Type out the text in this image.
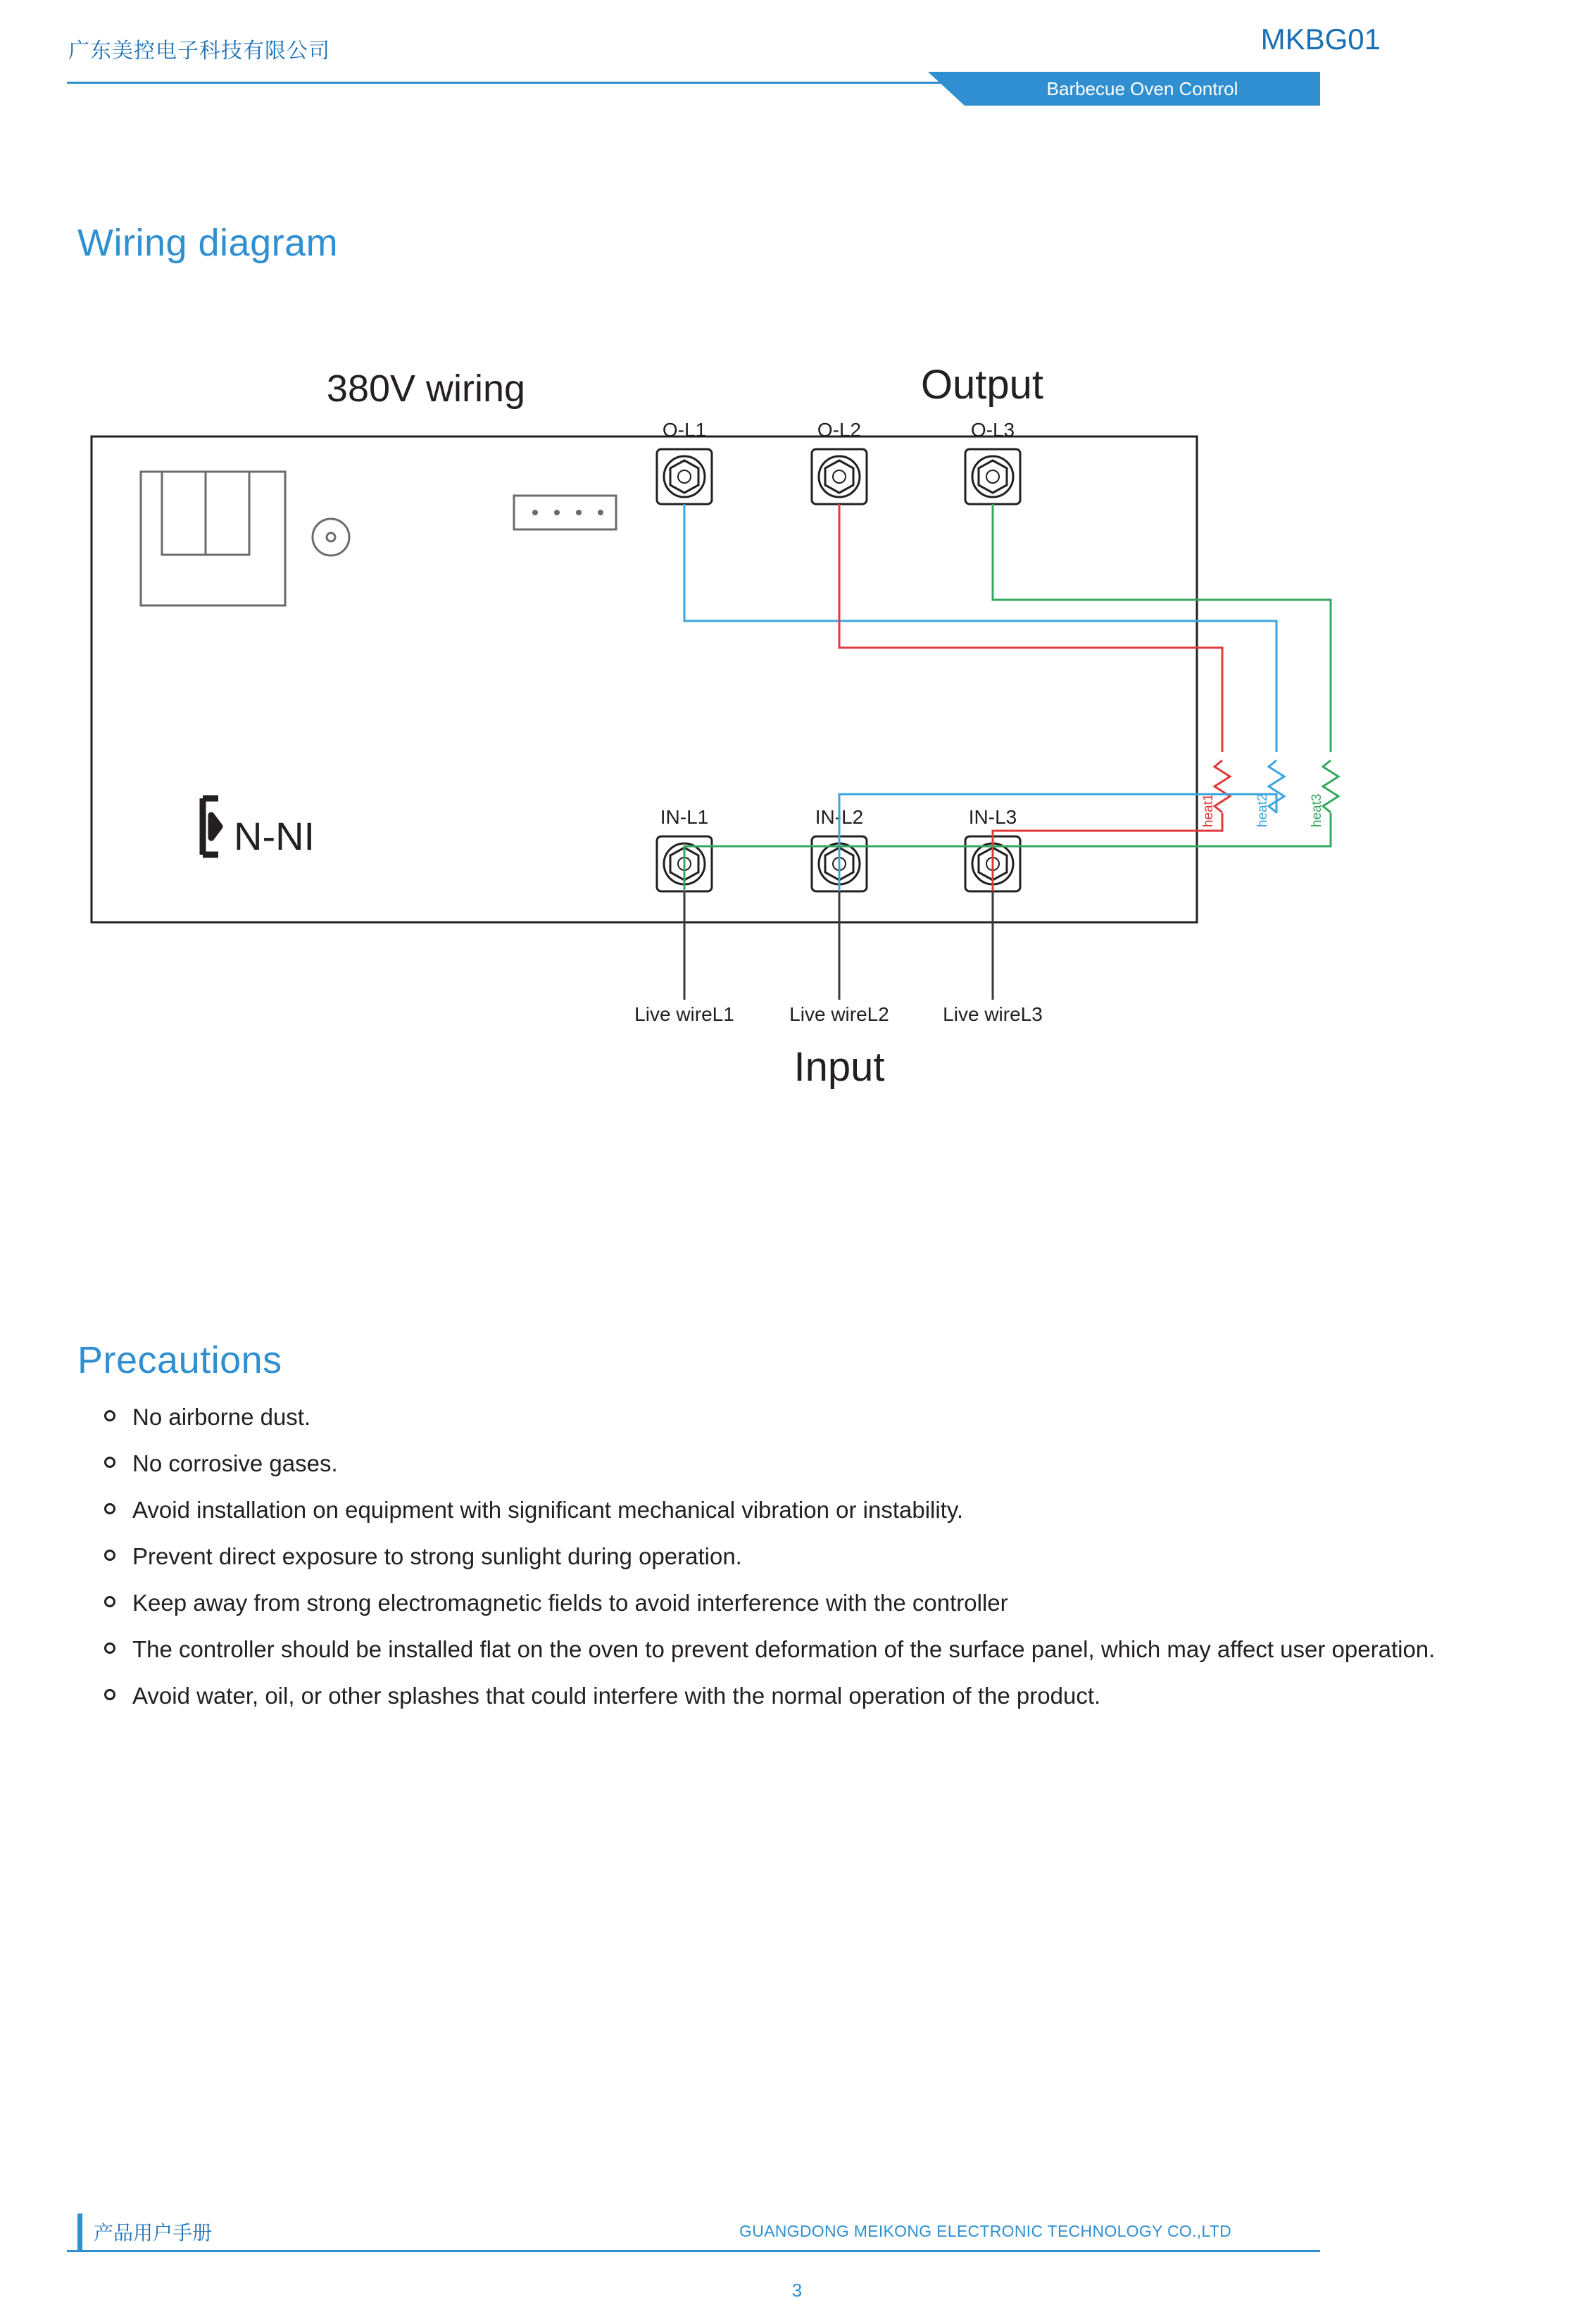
广东美控电子科技有限公司	MKBG01
Barbecue Oven Control
Wiring diagram
380V wiring	Output
N-NI
O-L1	O-L2	O-L3
IN-L1	IN-L2	IN-L3	heat1	heat2	heat3
Live wireL1	Live wireL2	Live wireL3
Input
Precautions
No airborne dust.
No corrosive gases.
Avoid installation on equipment with significant mechanical vibration or instability.
Prevent direct exposure to strong sunlight during operation.
Keep away from strong electromagnetic fields to avoid interference with the controller
The controller should be installed flat on the oven to prevent deformation of the surface panel, which may affect user operation.
Avoid water, oil, or other splashes that could interfere with the normal operation of the product.
产品用户手册	GUANGDONG MEIKONG ELECTRONIC TECHNOLOGY CO.,LTD
3
